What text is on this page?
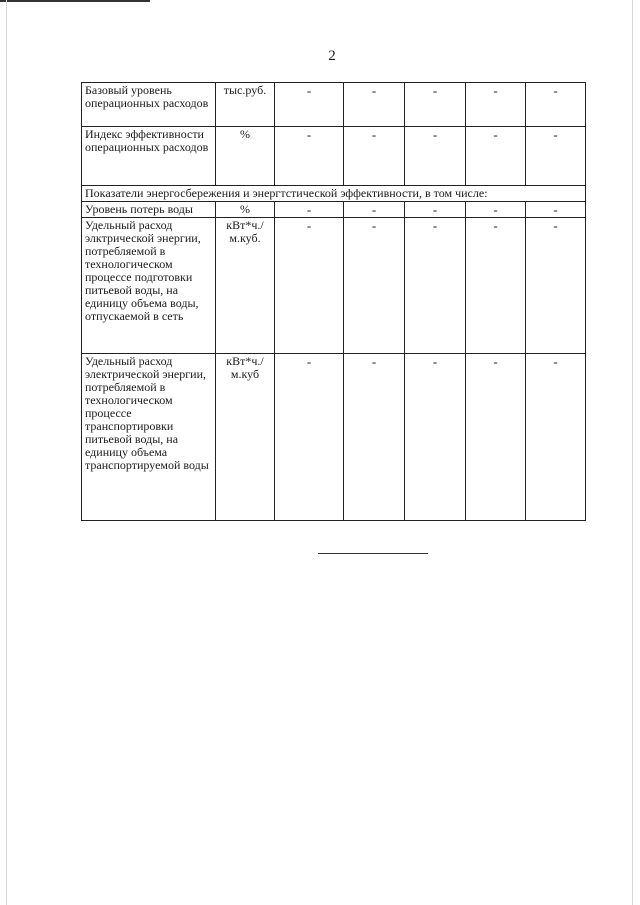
2
Базовый уровень операционных расходов	тыс.руб.	-	-	-	-	-
Индекс эффективности операционных расходов	%	-	-	-	-	-
Показатели энергосбережения и энергтстической эффективности, в том числе:						
Уровень потерь воды	%	-	-	-	-	-
Удельный расход элктрической энергии, потребляемой в технологическом процессе подготовки питьевой воды, на единицу объема воды, отпускаемой в сеть	кВт*ч./м.куб.	-	-	-	-	-
Удельный расход электрической энергии, потребляемой в технологическом процессе транспортировки питьевой воды, на единицу объема транспортируемой воды	кВт*ч./м.куб	-	-	-	-	-
